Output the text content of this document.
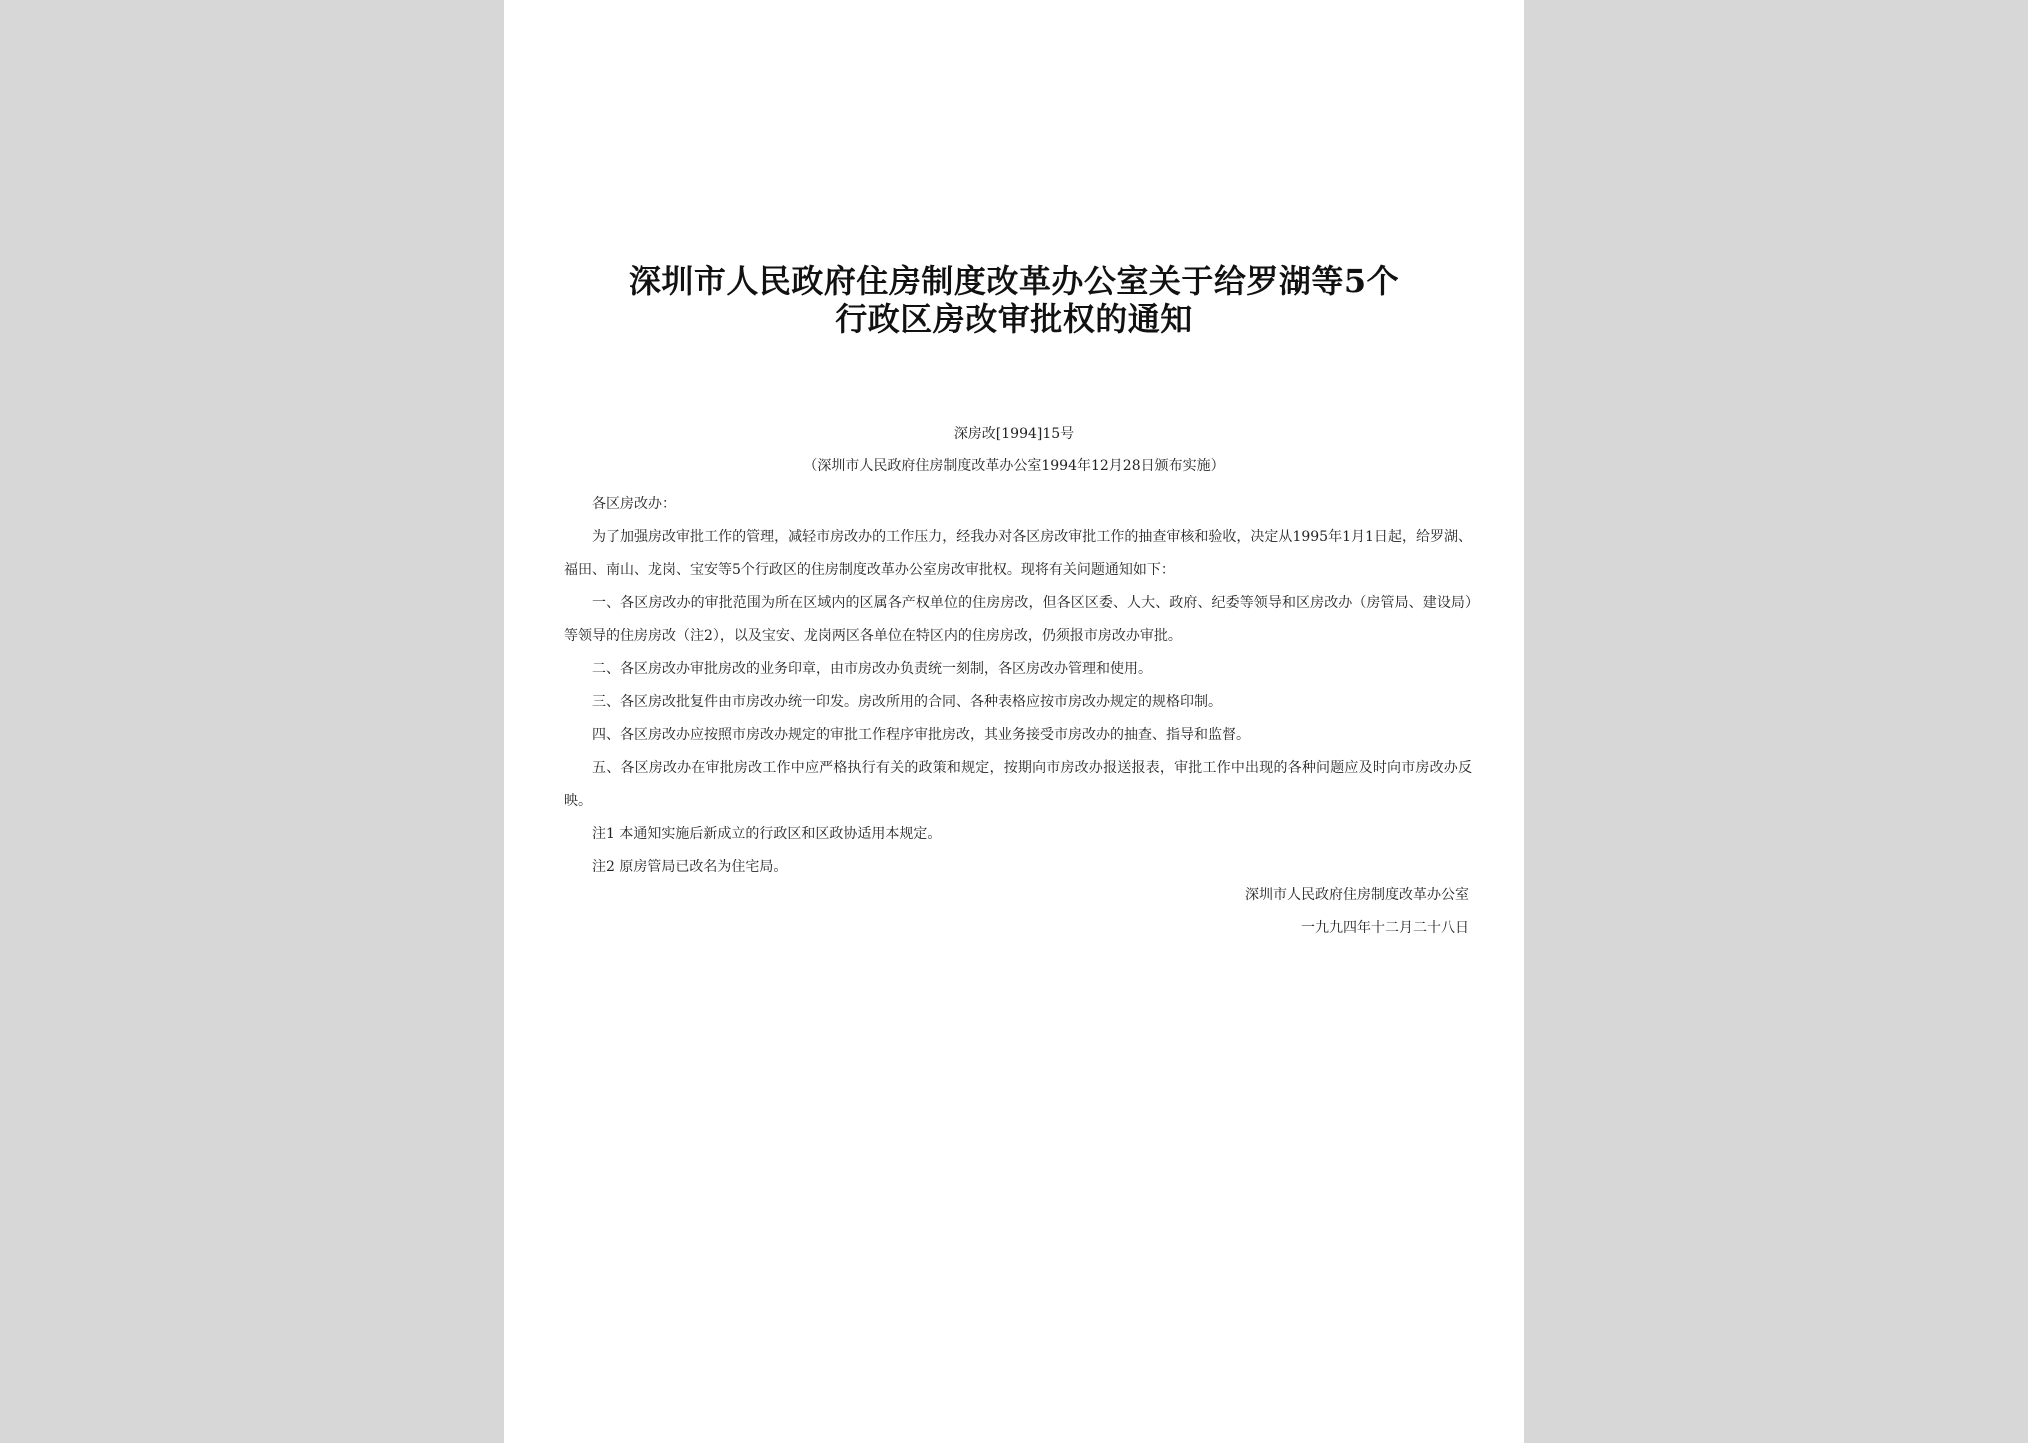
深圳市人民政府住房制度改革办公室关于给罗湖等5个
行政区房改审批权的通知
深房改[1994]15号
（深圳市人民政府住房制度改革办公室1994年12月28日颁布实施）

各区房改办：

为了加强房改审批工作的管理，减轻市房改办的工作压力，经我办对各区房改审批工作的抽查审核和验收，决定从1995年1月1日起，给罗湖、福田、南山、龙岗、宝安等5个行政区的住房制度改革办公室房改审批权。现将有关问题通知如下：

一、各区房改办的审批范围为所在区域内的区属各产权单位的住房房改，但各区区委、人大、政府、纪委等领导和区房改办（房管局、建设局）等领导的住房房改（注2），以及宝安、龙岗两区各单位在特区内的住房房改，仍须报市房改办审批。

二、各区房改办审批房改的业务印章，由市房改办负责统一刻制，各区房改办管理和使用。

三、各区房改批复件由市房改办统一印发。房改所用的合同、各种表格应按市房改办规定的规格印制。

四、各区房改办应按照市房改办规定的审批工作程序审批房改，其业务接受市房改办的抽查、指导和监督。

五、各区房改办在审批房改工作中应严格执行有关的政策和规定，按期向市房改办报送报表，审批工作中出现的各种问题应及时向市房改办反映。

注1 本通知实施后新成立的行政区和区政协适用本规定。

注2 原房管局已改名为住宅局。

深圳市人民政府住房制度改革办公室
一九九四年十二月二十八日
